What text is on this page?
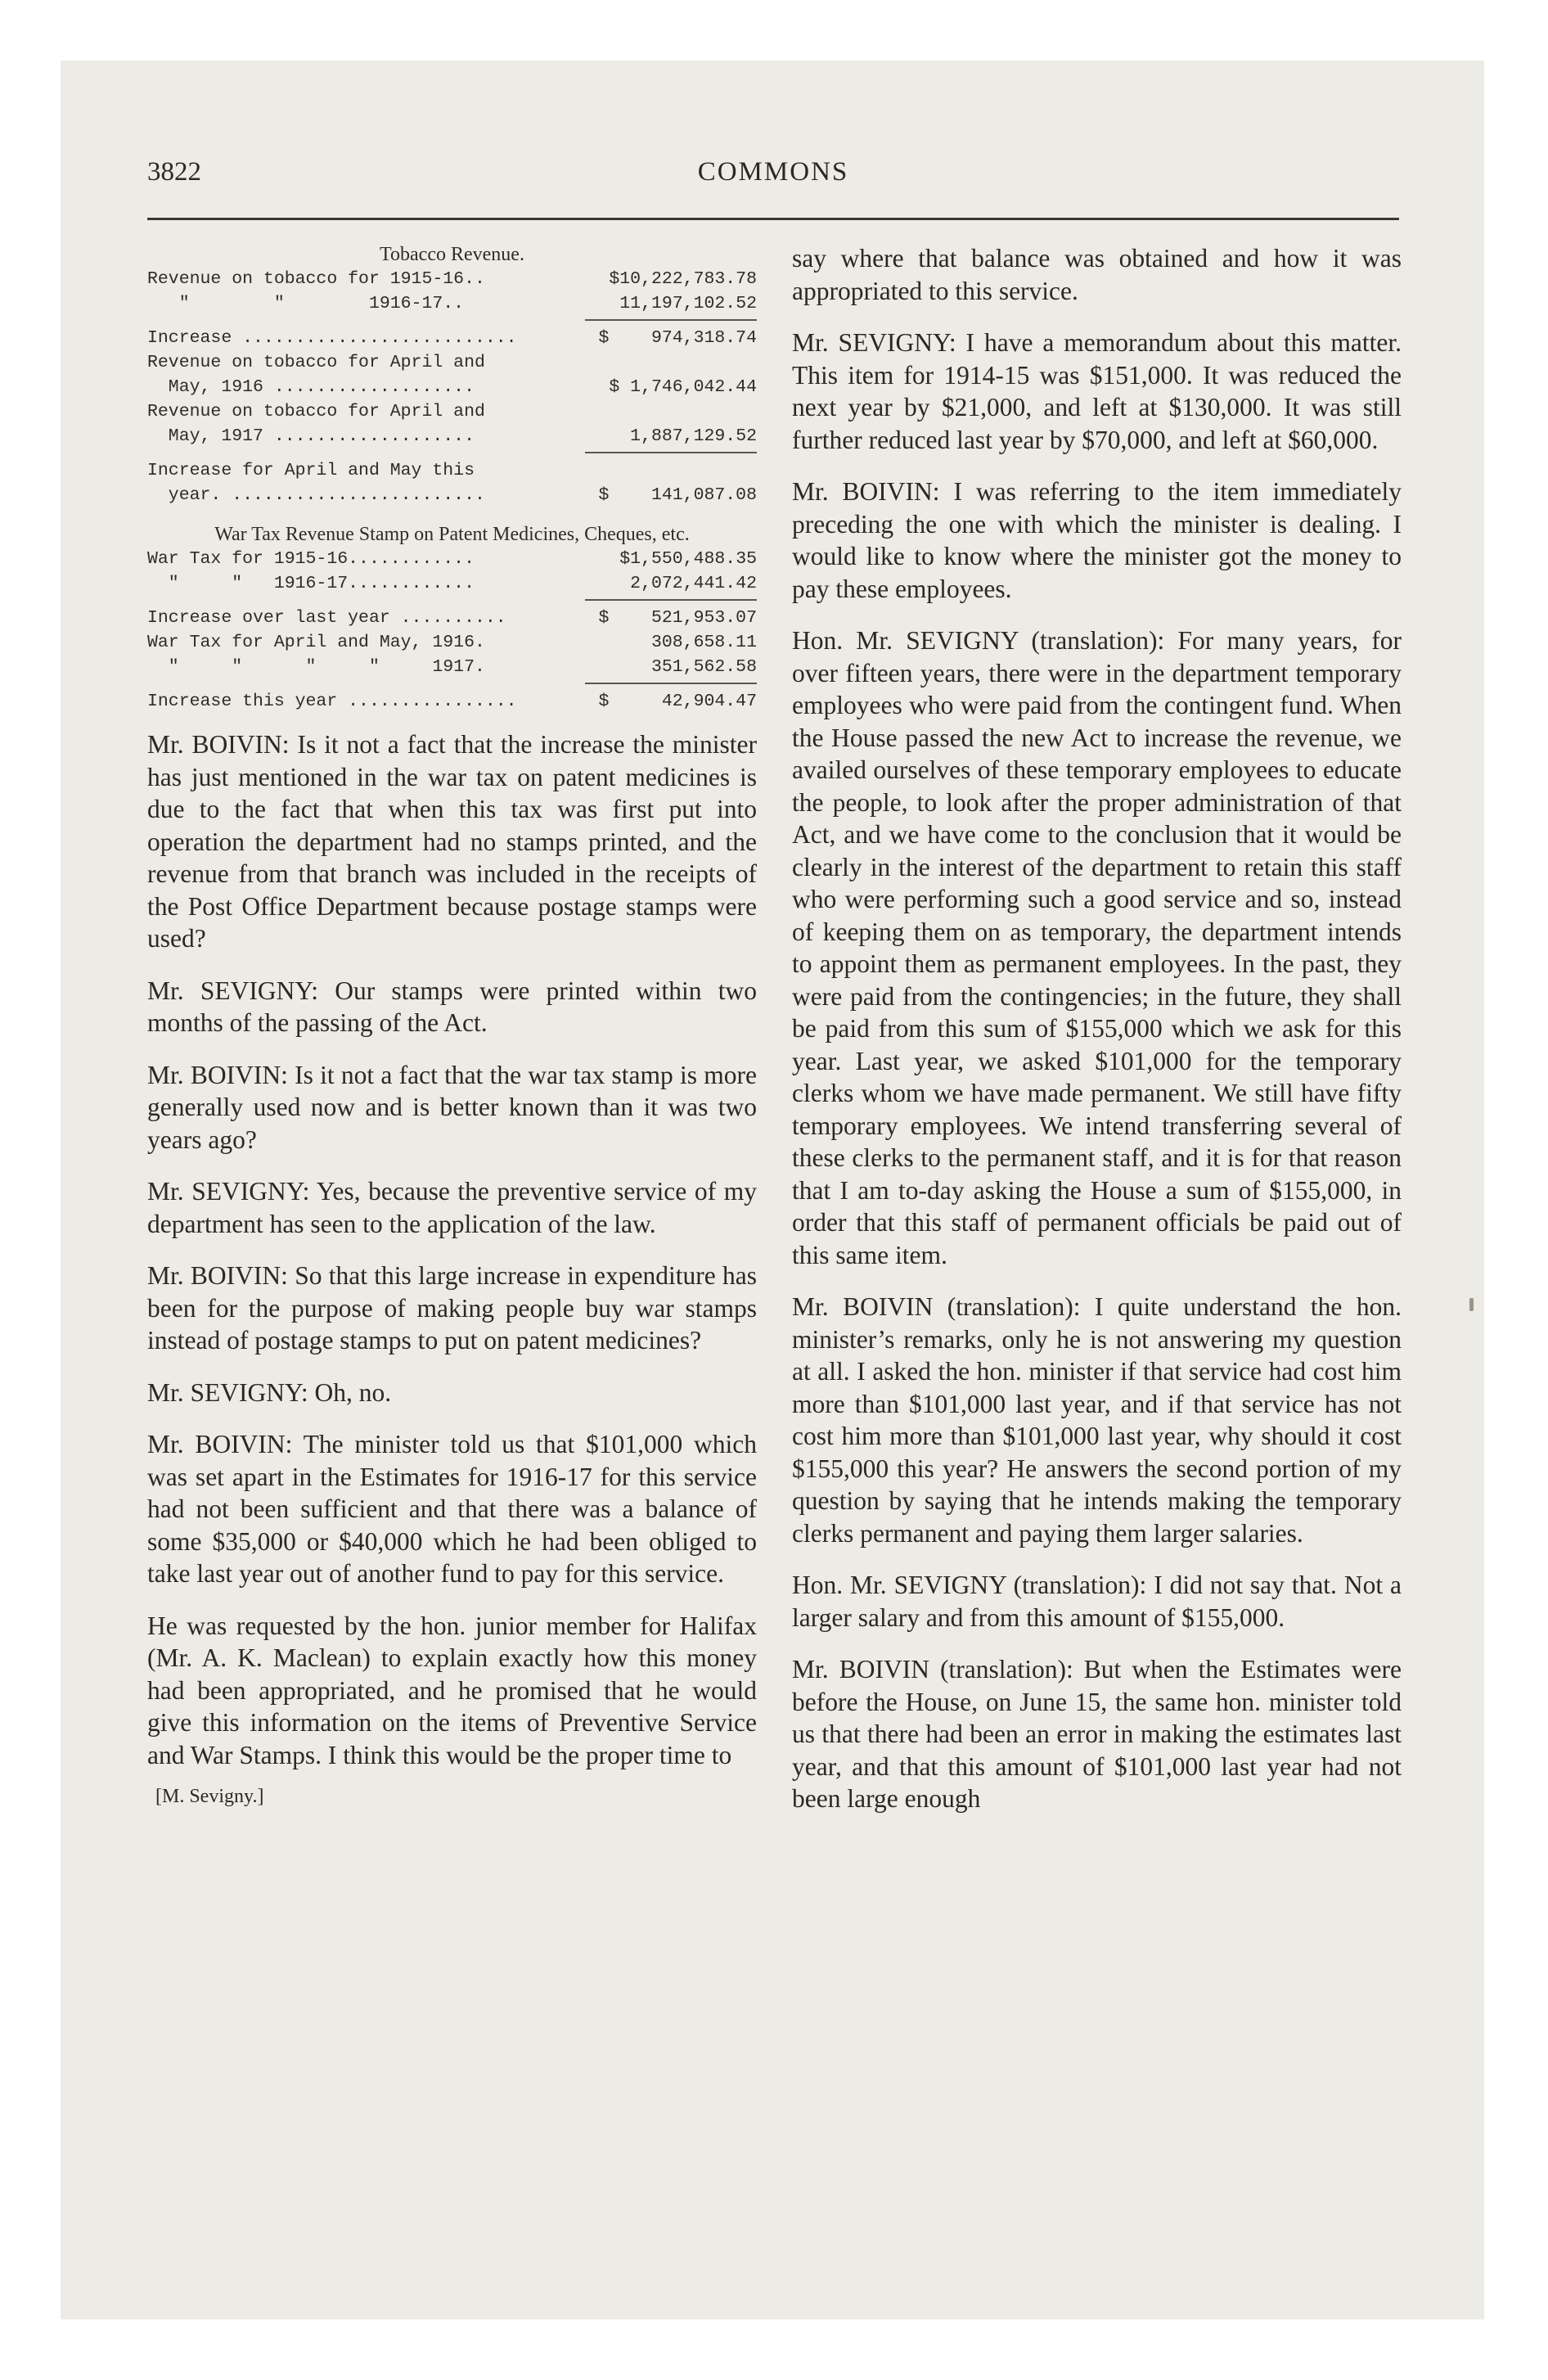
3822	COMMONS
Tobacco Revenue.
Revenue on tobacco for 1915-16..	$10,222,783.78
"        "        1916-17..	11,197,102.52
Increase ..........................	$    974,318.74
Revenue on tobacco for April and
May, 1916 ...................	$ 1,746,042.44
Revenue on tobacco for April and
May, 1917 ...................	1,887,129.52
Increase for April and May this
year. ........................	$    141,087.08
War Tax Revenue Stamp on Patent Medicines, Cheques, etc.
War Tax for 1915-16............	$1,550,488.35
"     "   1916-17............	2,072,441.42
Increase over last year ..........	$    521,953.07
War Tax for April and May, 1916.	308,658.11
"     "      "     "     1917.	351,562.58
Increase this year ................	$     42,904.47

Mr. BOIVIN: Is it not a fact that the increase the minister has just mentioned in the war tax on patent medicines is due to the fact that when this tax was first put into operation the department had no stamps printed, and the revenue from that branch was included in the receipts of the Post Office Department because postage stamps were used?

Mr. SEVIGNY: Our stamps were printed within two months of the passing of the Act.

Mr. BOIVIN: Is it not a fact that the war tax stamp is more generally used now and is better known than it was two years ago?

Mr. SEVIGNY: Yes, because the preventive service of my department has seen to the application of the law.

Mr. BOIVIN: So that this large increase in expenditure has been for the purpose of making people buy war stamps instead of postage stamps to put on patent medicines?

Mr. SEVIGNY: Oh, no.

Mr. BOIVIN: The minister told us that $101,000 which was set apart in the Estimates for 1916-17 for this service had not been sufficient and that there was a balance of some $35,000 or $40,000 which he had been obliged to take last year out of another fund to pay for this service.

He was requested by the hon. junior member for Halifax (Mr. A. K. Maclean) to explain exactly how this money had been appropriated, and he promised that he would give this information on the items of Preventive Service and War Stamps. I think this would be the proper time to

[M. Sevigny.]

say where that balance was obtained and how it was appropriated to this service.

Mr. SEVIGNY: I have a memorandum about this matter. This item for 1914-15 was $151,000. It was reduced the next year by $21,000, and left at $130,000. It was still further reduced last year by $70,000, and left at $60,000.

Mr. BOIVIN: I was referring to the item immediately preceding the one with which the minister is dealing. I would like to know where the minister got the money to pay these employees.

Hon. Mr. SEVIGNY (translation): For many years, for over fifteen years, there were in the department temporary employees who were paid from the contingent fund. When the House passed the new Act to increase the revenue, we availed ourselves of these temporary employees to educate the people, to look after the proper administration of that Act, and we have come to the conclusion that it would be clearly in the interest of the department to retain this staff who were performing such a good service and so, instead of keeping them on as temporary, the department intends to appoint them as permanent employees. In the past, they were paid from the contingencies; in the future, they shall be paid from this sum of $155,000 which we ask for this year. Last year, we asked $101,000 for the temporary clerks whom we have made permanent. We still have fifty temporary employees. We intend transferring several of these clerks to the permanent staff, and it is for that reason that I am to-day asking the House a sum of $155,000, in order that this staff of permanent officials be paid out of this same item.

Mr. BOIVIN (translation): I quite understand the hon. minister’s remarks, only he is not answering my question at all. I asked the hon. minister if that service had cost him more than $101,000 last year, and if that service has not cost him more than $101,000 last year, why should it cost $155,000 this year? He answers the second portion of my question by saying that he intends making the temporary clerks permanent and paying them larger salaries.

Hon. Mr. SEVIGNY (translation): I did not say that. Not a larger salary and from this amount of $155,000.

Mr. BOIVIN (translation): But when the Estimates were before the House, on June 15, the same hon. minister told us that there had been an error in making the estimates last year, and that this amount of $101,000 last year had not been large enough
